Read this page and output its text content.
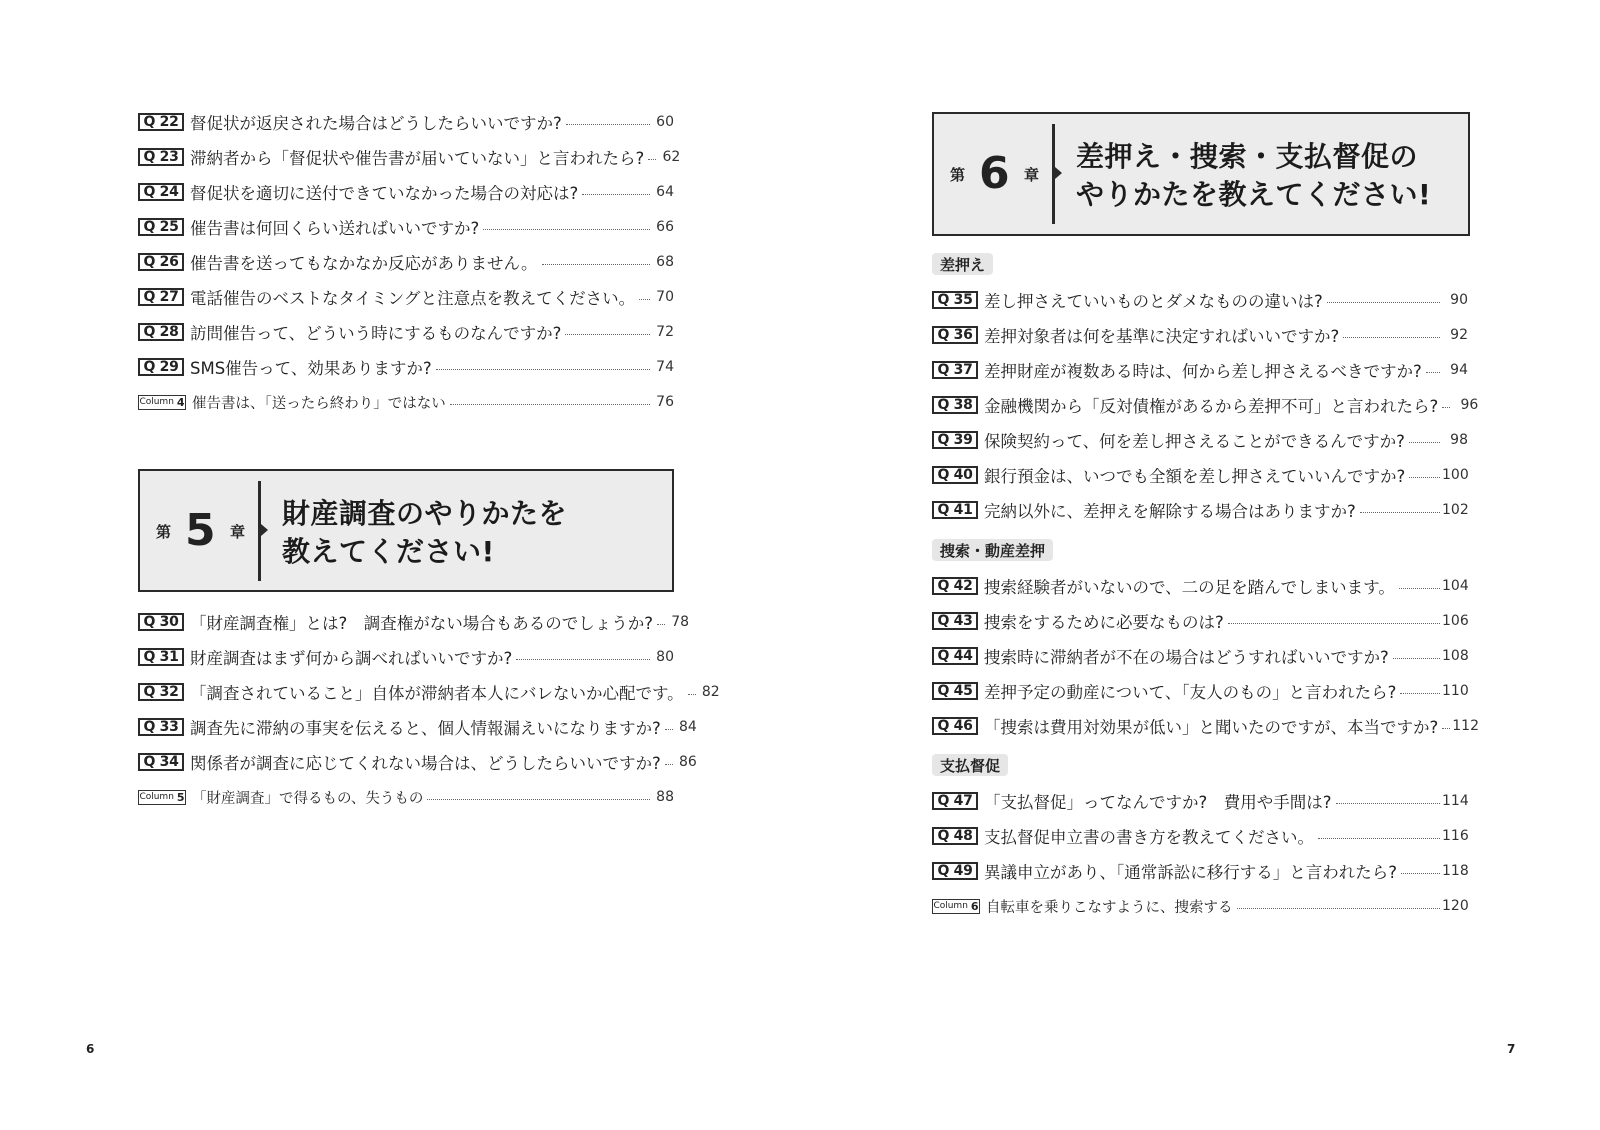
Q 22 督促状が返戻された場合はどうしたらいいですか?	60
Q 23 滞納者から「督促状や催告書が届いていない」と言われたら? 62
Q 24 督促状を適切に送付できていなかった場合の対応は?	64
Q 25 催告書は何回くらい送ればいいですか?	66
Q 26 催告書を送ってもなかなか反応がありません。	68
Q 27 電話催告のベストなタイミングと注意点を教えてください。 70
Q 28 訪問催告って、どういう時にするものなんですか?	72
Q 29 SMS催告って、効果ありますか?	74
Column 4 催告書は、「送ったら終わり」ではない	76
第 5 章
財産調査のやりかたを
教えてください!
Q 30 「財産調査権」とは?　調査権がない場合もあるのでしょうか? 78
Q 31 財産調査はまず何から調べればいいですか?	80
Q 32 「調査されていること」自体が滞納者本人にバレないか心配です。 82
Q 33 調査先に滞納の事実を伝えると、個人情報漏えいになりますか? 84
Q 34 関係者が調査に応じてくれない場合は、どうしたらいいですか? 86
Column 5 「財産調査」で得るもの、失うもの	88
6
第 6 章
差押え・捜索・支払督促の
やりかたを教えてください!
差押え
Q 35 差し押さえていいものとダメなものの違いは?	90
Q 36 差押対象者は何を基準に決定すればいいですか?	92
Q 37 差押財産が複数ある時は、何から差し押さえるべきですか?	94
Q 38 金融機関から「反対債権があるから差押不可」と言われたら?	96
Q 39 保険契約って、何を差し押さえることができるんですか?	98
Q 40 銀行預金は、いつでも全額を差し押さえていいんですか?	100
Q 41 完納以外に、差押えを解除する場合はありますか?	102
捜索・動産差押
Q 42 捜索経験者がいないので、二の足を踏んでしまいます。	104
Q 43 捜索をするために必要なものは?	106
Q 44 捜索時に滞納者が不在の場合はどうすればいいですか?	108
Q 45 差押予定の動産について、「友人のもの」と言われたら?	110
Q 46 「捜索は費用対効果が低い」と聞いたのですが、本当ですか? 112
支払督促
Q 47 「支払督促」ってなんですか?　費用や手間は?	114
Q 48 支払督促申立書の書き方を教えてください。	116
Q 49 異議申立があり、「通常訴訟に移行する」と言われたら?	118
Column 6 自転車を乗りこなすように、捜索する	120
7
